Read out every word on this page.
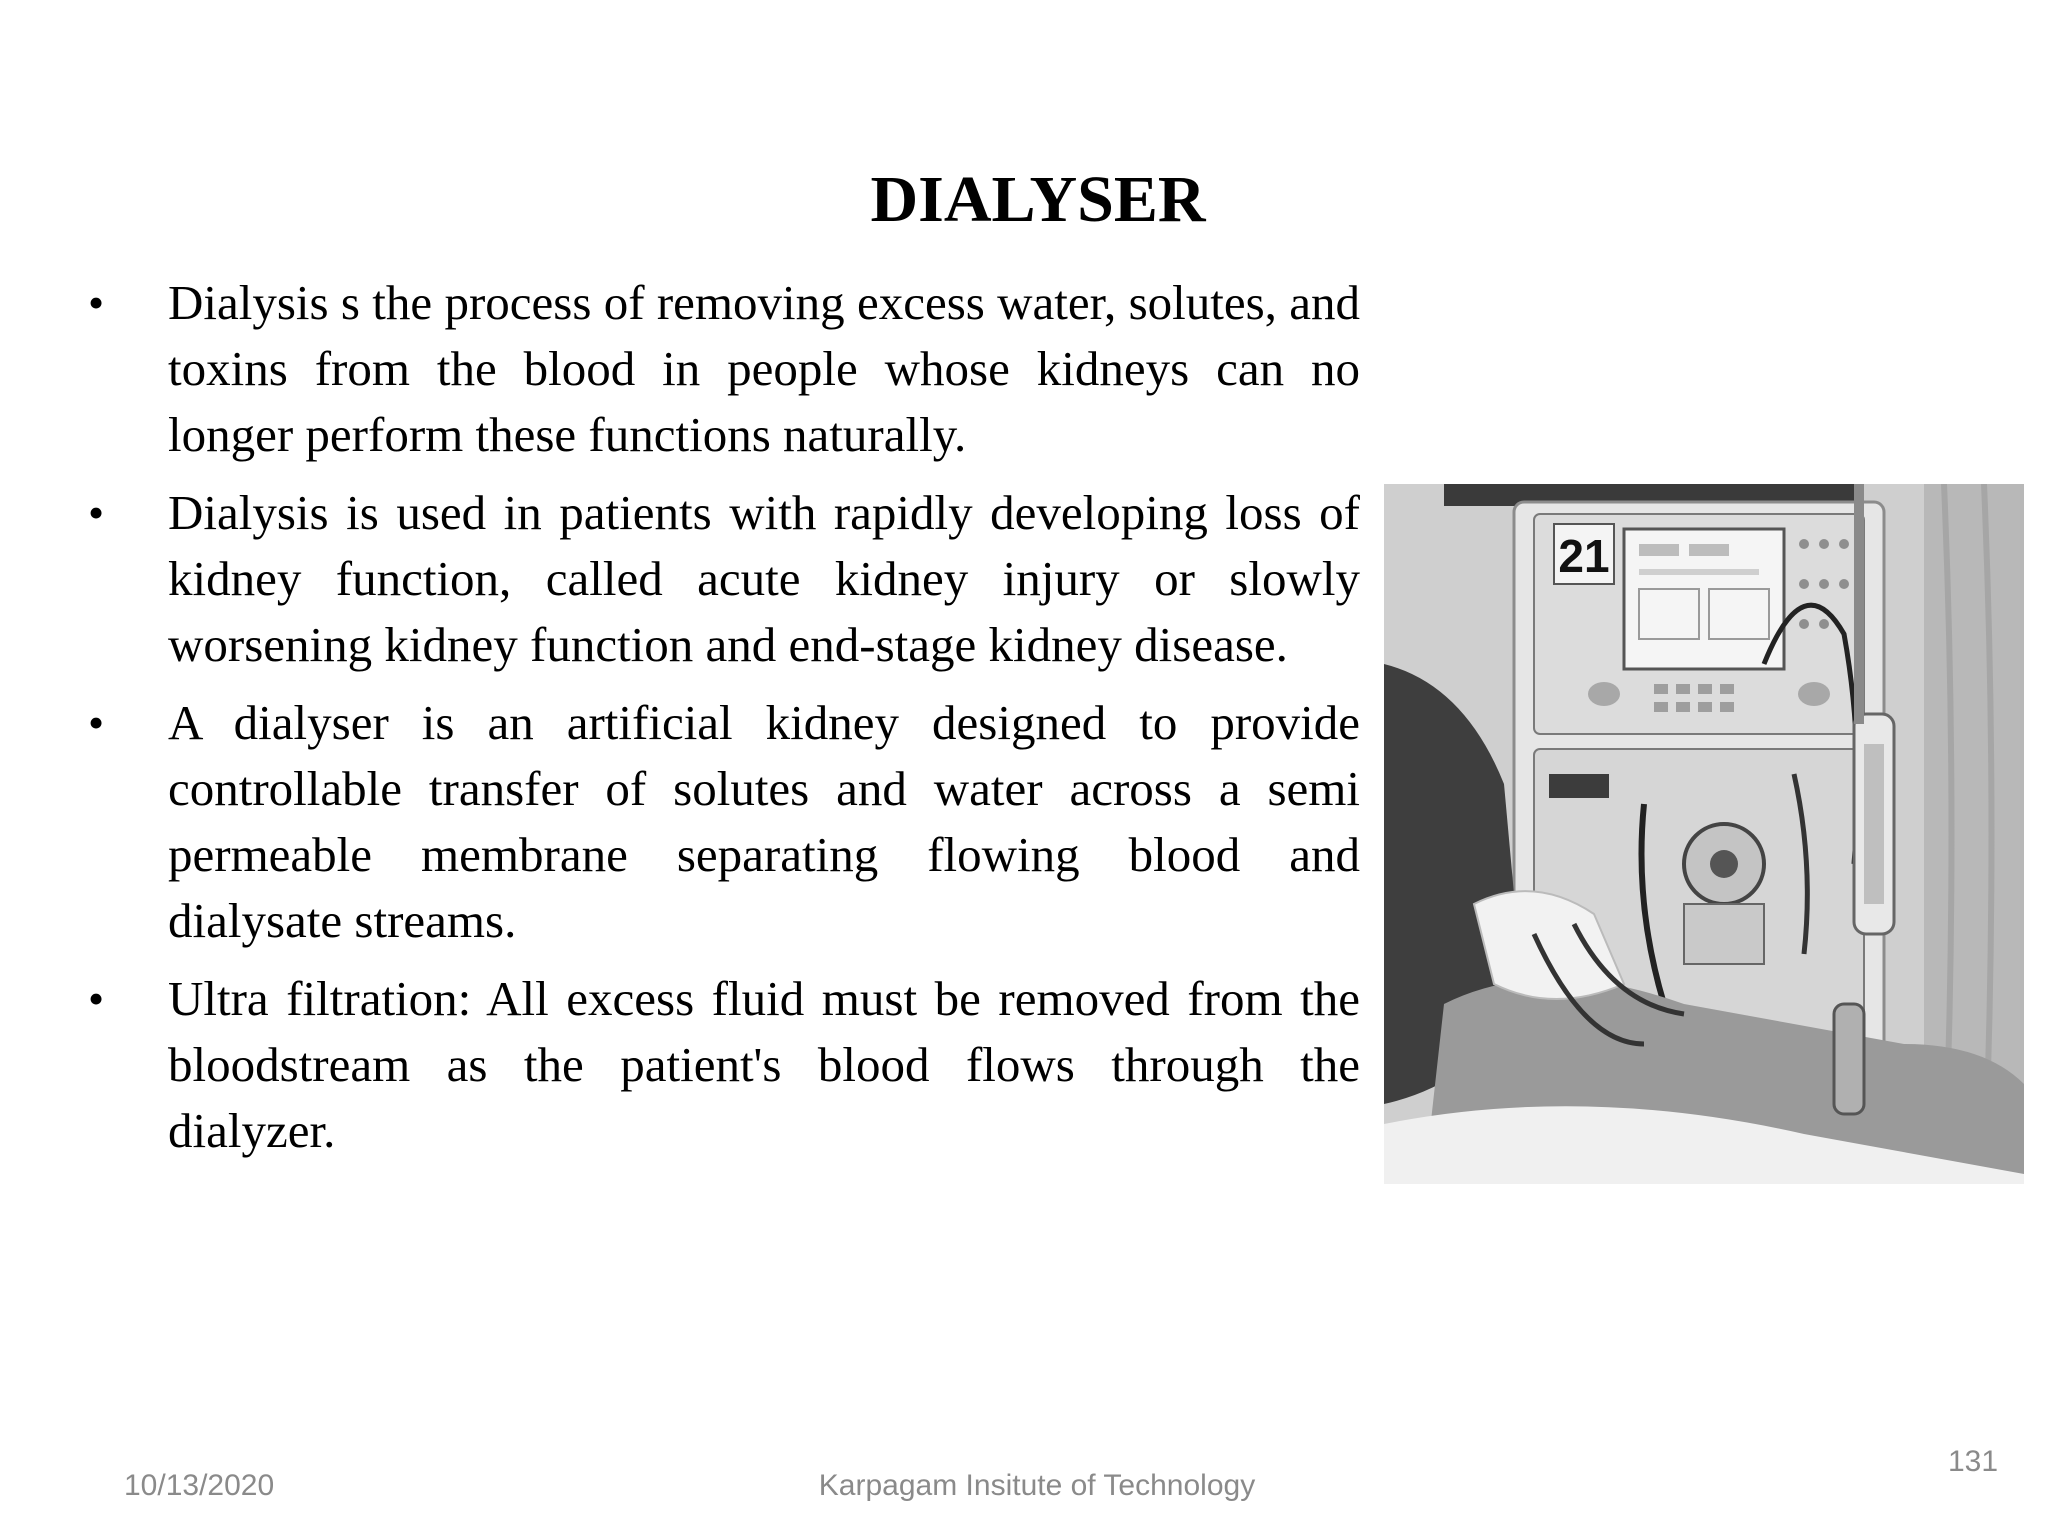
DIALYSER
• Dialysis s the process of removing excess water, solutes, and toxins from the blood in people whose kidneys can no longer perform these functions naturally.
• Dialysis is used in patients with rapidly developing loss of kidney function, called acute kidney injury or slowly worsening kidney function and end-stage kidney disease.
• A dialyser is an artificial kidney designed to provide controllable transfer of solutes and water across a semi permeable membrane separating flowing blood and dialysate streams.
• Ultra filtration: All excess fluid must be removed from the bloodstream as the patient's blood flows through the dialyzer.
21
10/13/2020	Karpagam Insitute of Technology
131
